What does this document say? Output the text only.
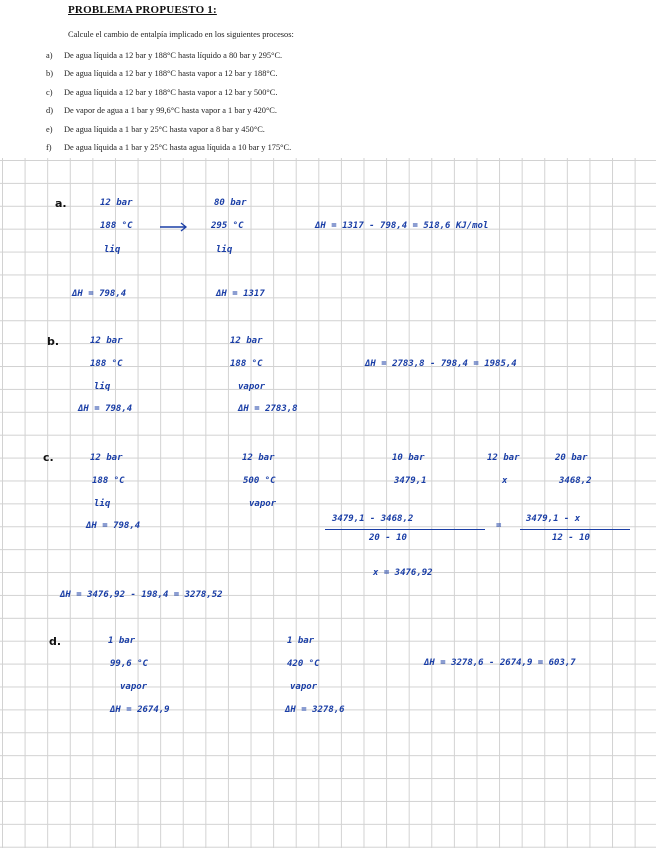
PROBLEMA PROPUESTO 1:
Calcule el cambio de entalpía implicado en los siguientes procesos:
a) De agua líquida a 12 bar y 188°C hasta líquido a 80 bar y 295°C.
b) De agua líquida a 12 bar y 188°C hasta vapor a 12 bar y 188°C.
c) De agua líquida a 12 bar y 188°C hasta vapor a 12 bar y 500°C.
d) De vapor de agua a 1 bar y 99,6°C hasta vapor a 1 bar y 420°C.
e) De agua líquida a 1 bar y 25°C hasta vapor a 8 bar y 450°C.
f) De agua líquida a 1 bar y 25°C hasta agua líquida a 10 bar y 175°C.
a.	12 bar
188 °C
liq
80 bar
295 °C
liq
ΔH = 1317 - 798,4 = 518,6 KJ/mol
ΔH = 798,4	ΔH = 1317
b.	12 bar
188 °C
liq
ΔH = 798,4
12 bar
188 °C
vapor
ΔH = 2783,8
ΔH = 2783,8 - 798,4 = 1985,4
c.	12 bar
188 °C
liq
ΔH = 798,4
12 bar
500 °C
vapor
10 bar
3479,1
12 bar
x
20 bar
3468,2
3479,1 - 3468,2
20 - 10
=
3479,1 - x
12 - 10
x = 3476,92
ΔH = 3476,92 - 198,4 = 3278,52
d.	1 bar
99,6 °C
vapor
ΔH = 2674,9
1 bar
420 °C
vapor
ΔH = 3278,6
ΔH = 3278,6 - 2674,9 = 603,7
